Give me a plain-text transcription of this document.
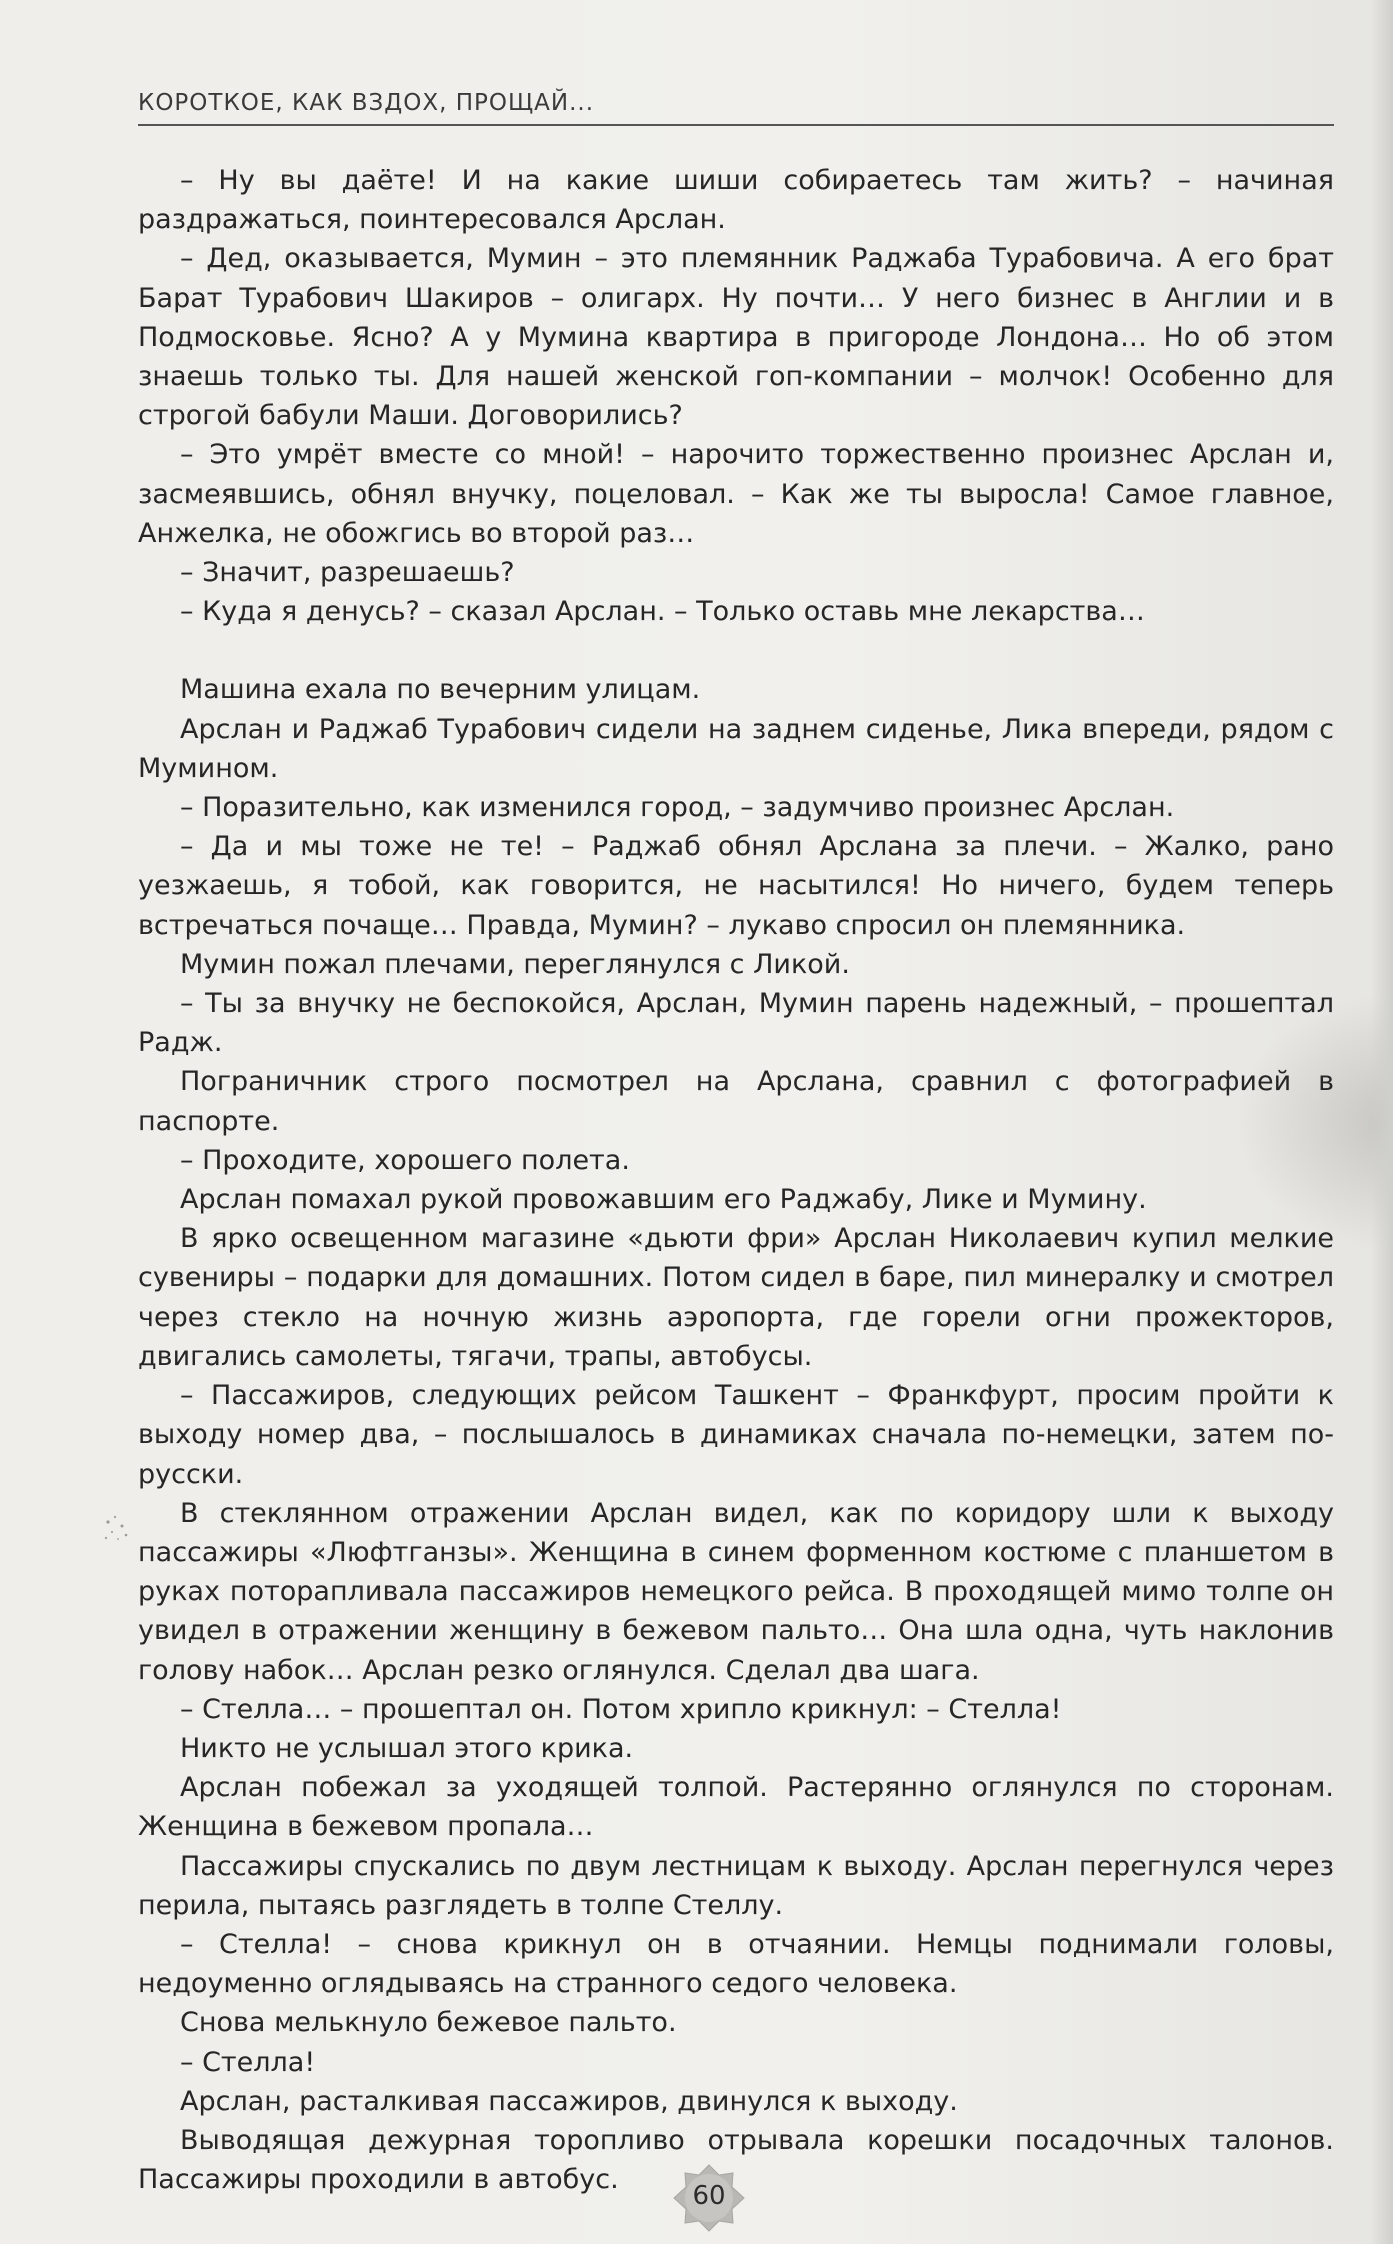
КОРОТКОЕ, КАК ВЗДОХ, ПРОЩАЙ...

– Ну вы даёте! И на какие шиши собираетесь там жить? – начиная раздражаться, поинтересовался Арслан.

– Дед, оказывается, Мумин – это племянник Раджаба Турабовича. А его брат Барат Турабович Шакиров – олигарх. Ну почти… У него бизнес в Англии и в Подмосковье. Ясно? А у Мумина квартира в пригороде Лондона… Но об этом знаешь только ты. Для нашей женской гоп-компании – молчок! Особенно для строгой бабули Маши. Договорились?

– Это умрёт вместе со мной! – нарочито торжественно произнес Арслан и, засмеявшись, обнял внучку, поцеловал. – Как же ты выросла! Самое главное, Анжелка, не обожгись во второй раз…

– Значит, разрешаешь?

– Куда я денусь? – сказал Арслан. – Только оставь мне лекарства…

Машина ехала по вечерним улицам.

Арслан и Раджаб Турабович сидели на заднем сиденье, Лика впереди, рядом с Мумином.

– Поразительно, как изменился город, – задумчиво произнес Арслан.

– Да и мы тоже не те! – Раджаб обнял Арслана за плечи. – Жалко, рано уезжаешь, я тобой, как говорится, не насытился! Но ничего, будем теперь встречаться почаще… Правда, Мумин? – лукаво спросил он племянника.

Мумин пожал плечами, переглянулся с Ликой.

– Ты за внучку не беспокойся, Арслан, Мумин парень надежный, – прошептал Радж.

Пограничник строго посмотрел на Арслана, сравнил с фотографией в паспорте.

– Проходите, хорошего полета.

Арслан помахал рукой провожавшим его Раджабу, Лике и Мумину.

В ярко освещенном магазине «дьюти фри» Арслан Николаевич купил мелкие сувениры – подарки для домашних. Потом сидел в баре, пил минералку и смотрел через стекло на ночную жизнь аэропорта, где горели огни прожекторов, двигались самолеты, тягачи, трапы, автобусы.

– Пассажиров, следующих рейсом Ташкент – Франкфурт, просим пройти к выходу номер два, – послышалось в динамиках сначала по-немецки, затем по-русски.

В стеклянном отражении Арслан видел, как по коридору шли к выходу пассажиры «Люфтганзы». Женщина в синем форменном костюме с планшетом в руках поторапливала пассажиров немецкого рейса. В проходящей мимо толпе он увидел в отражении женщину в бежевом пальто… Она шла одна, чуть наклонив голову набок… Арслан резко оглянулся. Сделал два шага.

– Стелла… – прошептал он. Потом хрипло крикнул: – Стелла!

Никто не услышал этого крика.

Арслан побежал за уходящей толпой. Растерянно оглянулся по сторонам. Женщина в бежевом пропала…

Пассажиры спускались по двум лестницам к выходу. Арслан перегнулся через перила, пытаясь разглядеть в толпе Стеллу.

– Стелла! – снова крикнул он в отчаянии. Немцы поднимали головы, недоуменно оглядываясь на странного седого человека.

Снова мелькнуло бежевое пальто.

– Стелла!

Арслан, расталкивая пассажиров, двинулся к выходу.

Выводящая дежурная торопливо отрывала корешки посадочных талонов. Пассажиры проходили в автобус.

60
